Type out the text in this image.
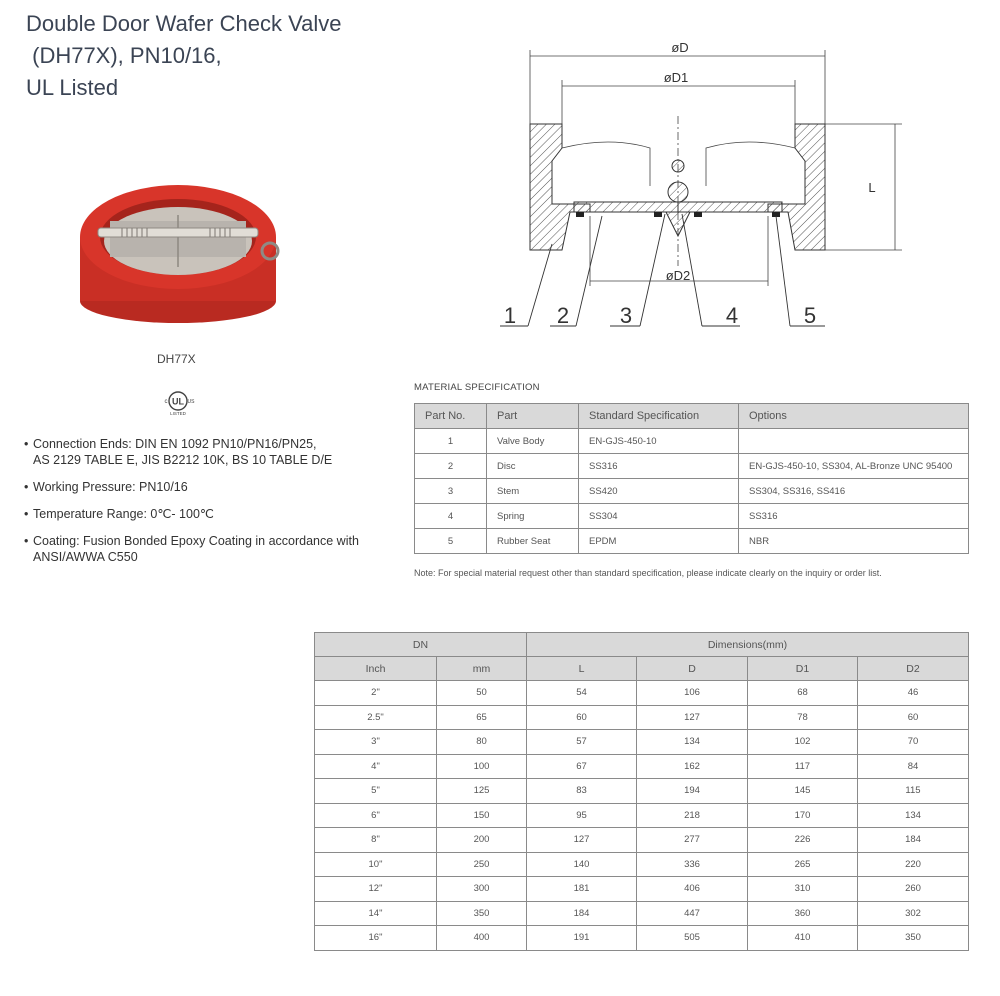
Double Door Wafer Check Valve
(DH77X), PN10/16,
UL Listed
DH77X
UL
c	US
LISTED
• Connection Ends: DIN EN 1092 PN10/PN16/PN25,
AS 2129 TABLE E, JIS B2212 10K, BS 10 TABLE D/E
• Working Pressure: PN10/16
• Temperature Range: 0℃- 100℃
• Coating: Fusion Bonded Epoxy Coating in accordance with
ANSI/AWWA C550
øD
øD1
øD2
L
1 2 3	4	5
MATERIAL SPECIFICATION
Part No.	Part	Standard Specification	Options
1	Valve Body	EN-GJS-450-10	
2	Disc	SS316	EN-GJS-450-10, SS304, AL-Bronze UNC 95400
3	Stem	SS420	SS304, SS316, SS416
4	Spring	SS304	SS316
5	Rubber Seat	EPDM	NBR
Note: For special material request other than standard specification, please indicate clearly on the inquiry or order list.
DN		Dimensions(mm)			
Inch	mm	L	D	D1	D2
2"	50	54	106	68	46
2.5"	65	60	127	78	60
3"	80	57	134	102	70
4"	100	67	162	117	84
5"	125	83	194	145	115
6"	150	95	218	170	134
8"	200	127	277	226	184
10"	250	140	336	265	220
12"	300	181	406	310	260
14"	350	184	447	360	302
16"	400	191	505	410	350
